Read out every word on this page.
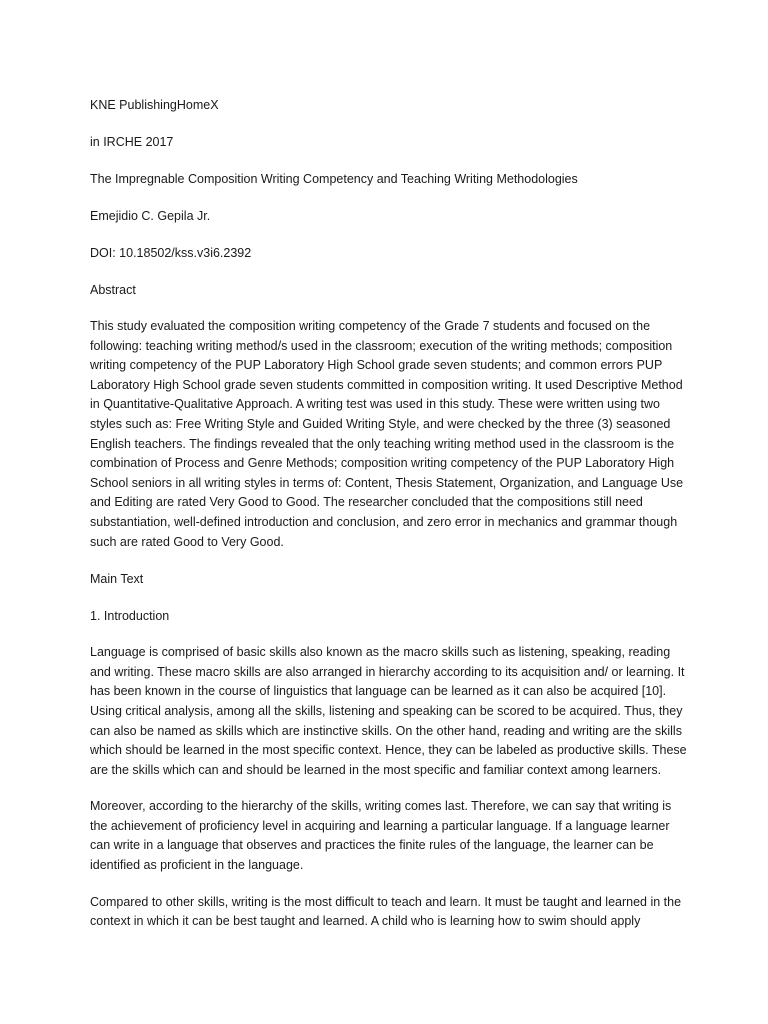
KNE PublishingHomeX
in IRCHE 2017
The Impregnable Composition Writing Competency and Teaching Writing Methodologies
Emejidio C. Gepila Jr.
DOI: 10.18502/kss.v3i6.2392
Abstract
This study evaluated the composition writing competency of the Grade 7 students and focused on the following: teaching writing method/s used in the classroom; execution of the writing methods; composition writing competency of the PUP Laboratory High School grade seven students; and common errors PUP Laboratory High School grade seven students committed in composition writing. It used Descriptive Method in Quantitative-Qualitative Approach. A writing test was used in this study. These were written using two styles such as: Free Writing Style and Guided Writing Style, and were checked by the three (3) seasoned English teachers. The findings revealed that the only teaching writing method used in the classroom is the combination of Process and Genre Methods; composition writing competency of the PUP Laboratory High School seniors in all writing styles in terms of: Content, Thesis Statement, Organization, and Language Use and Editing are rated Very Good to Good. The researcher concluded that the compositions still need substantiation, well-defined introduction and conclusion, and zero error in mechanics and grammar though such are rated Good to Very Good.
Main Text
1. Introduction
Language is comprised of basic skills also known as the macro skills such as listening, speaking, reading and writing. These macro skills are also arranged in hierarchy according to its acquisition and/ or learning. It has been known in the course of linguistics that language can be learned as it can also be acquired [10]. Using critical analysis, among all the skills, listening and speaking can be scored to be acquired. Thus, they can also be named as skills which are instinctive skills. On the other hand, reading and writing are the skills which should be learned in the most specific context. Hence, they can be labeled as productive skills. These are the skills which can and should be learned in the most specific and familiar context among learners.
Moreover, according to the hierarchy of the skills, writing comes last. Therefore, we can say that writing is the achievement of proficiency level in acquiring and learning a particular language. If a language learner can write in a language that observes and practices the finite rules of the language, the learner can be identified as proficient in the language.
Compared to other skills, writing is the most difficult to teach and learn. It must be taught and learned in the context in which it can be best taught and learned. A child who is learning how to swim should apply
